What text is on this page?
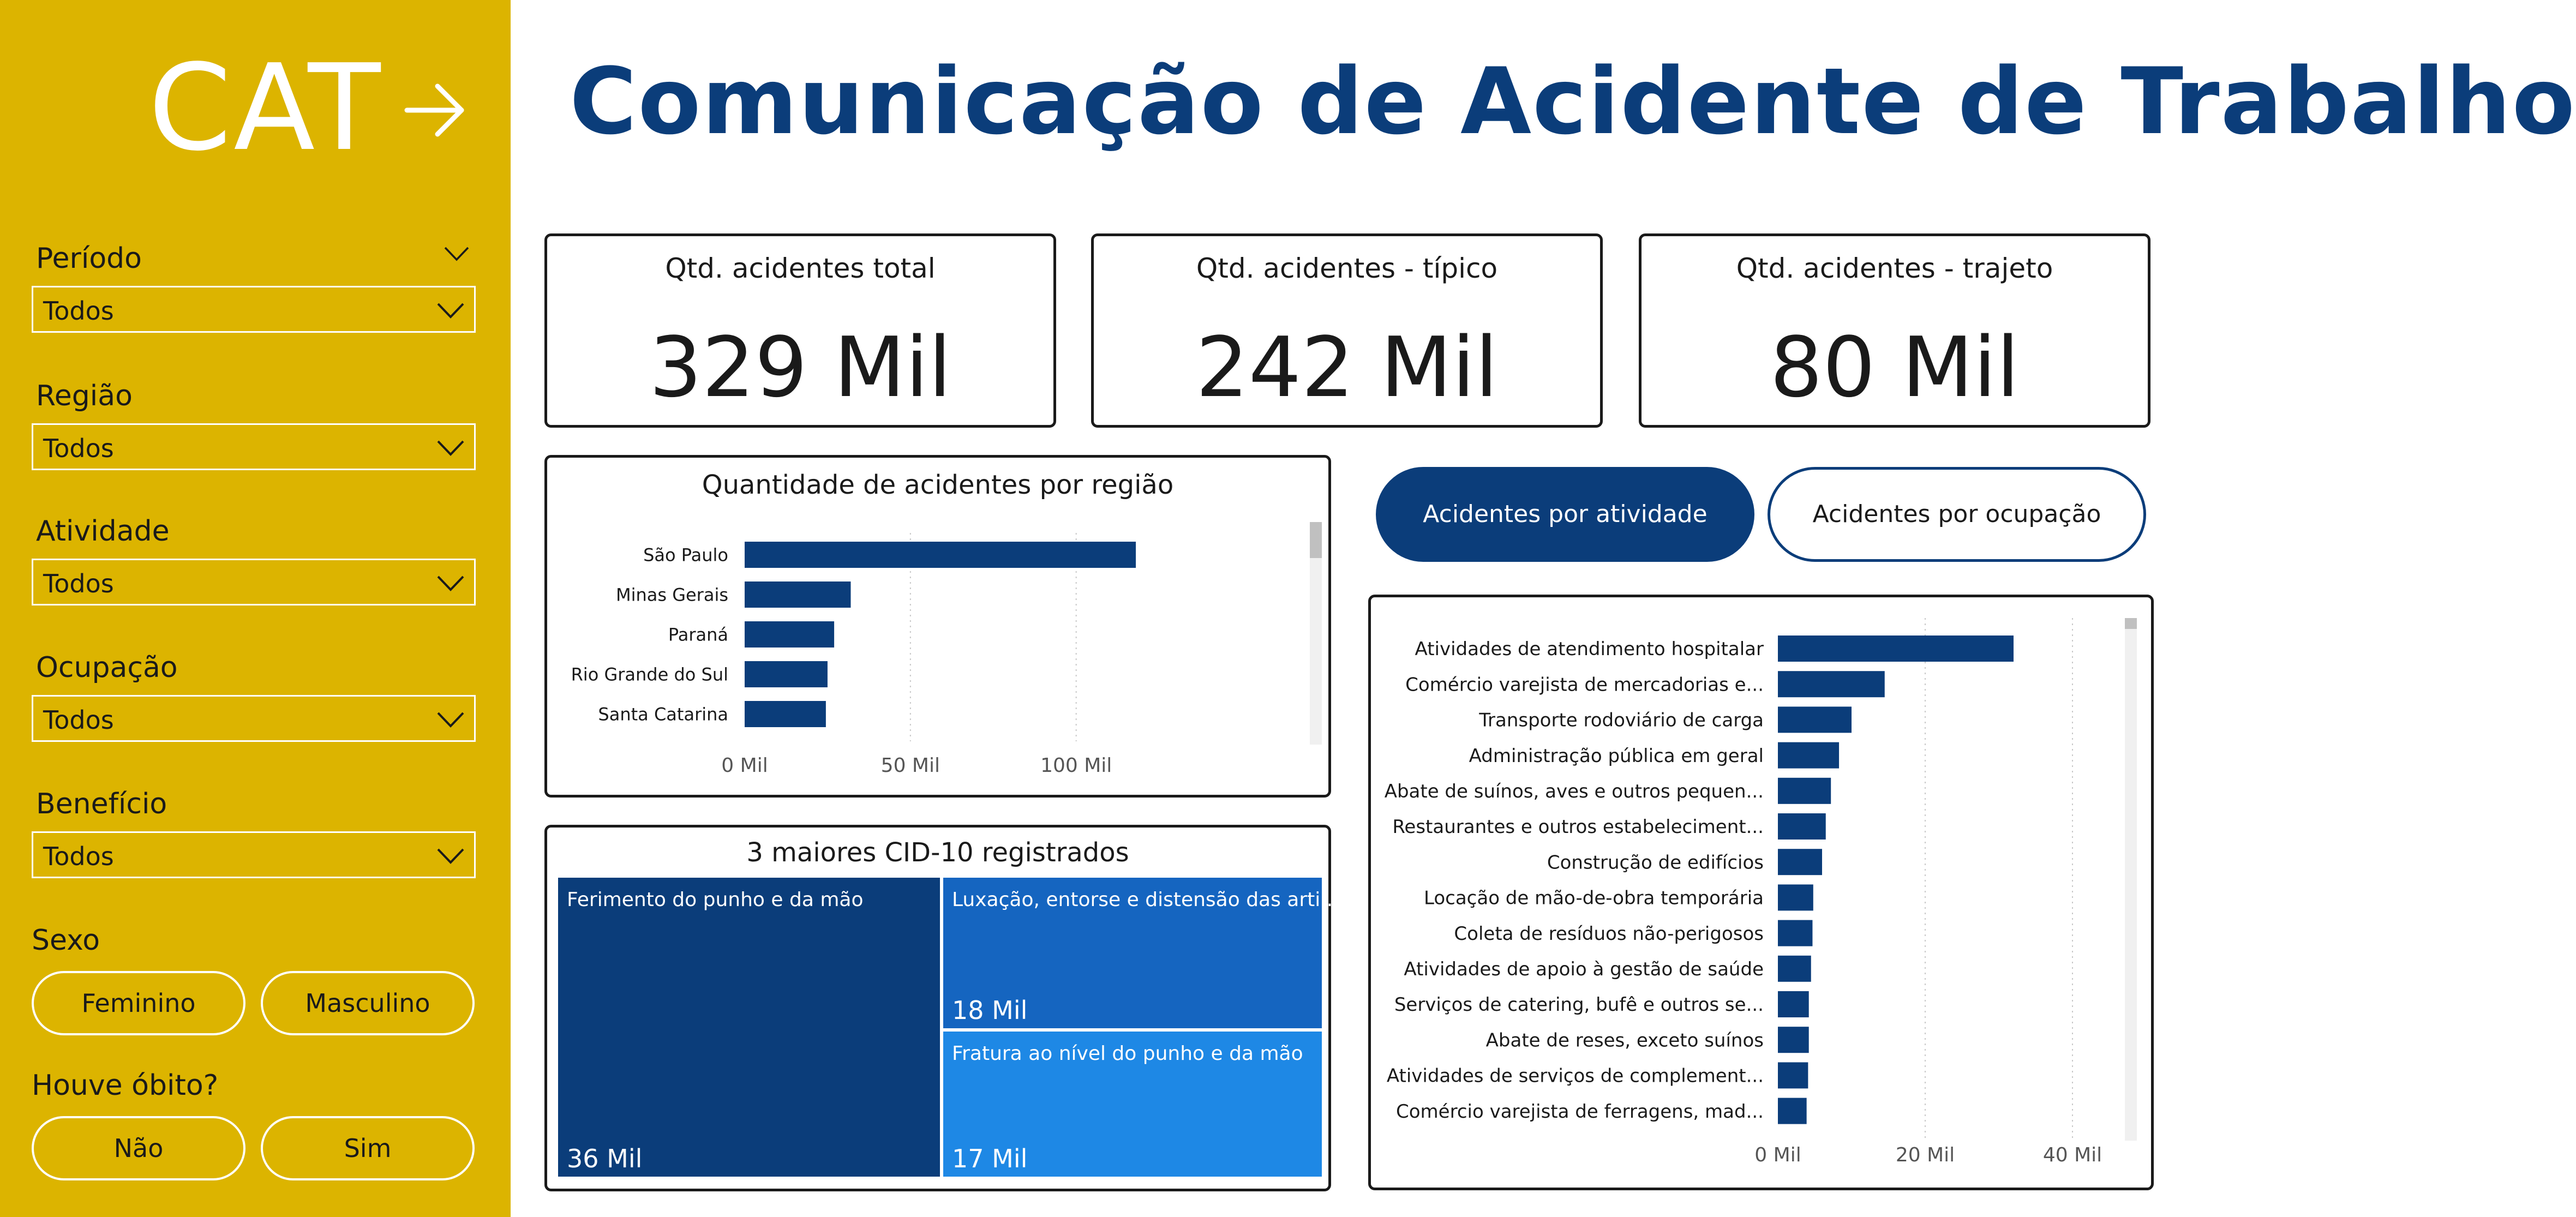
CAT
Período
Todos
Região
Todos
Atividade
Todos
Ocupação
Todos
Benefício
Todos
Sexo
Feminino	Masculino
Houve óbito?
Não	Sim
Comunicação de Acidente de Trabalho
Qtd. acidentes total
329 Mil
Qtd. acidentes - típico
242 Mil
Qtd. acidentes - trajeto
80 Mil
Quantidade de acidentes por região
0 Mil	50 Mil	100 Mil
São Paulo
Minas Gerais
Paraná
Rio Grande do Sul
Santa Catarina
Acidentes por atividade	Acidentes por ocupação
0 Mil	20 Mil	40 Mil
Atividades de atendimento hospitalar
Comércio varejista de mercadorias e...
Transporte rodoviário de carga
Administração pública em geral
Abate de suínos, aves e outros pequen...
Restaurantes e outros estabeleciment...
Construção de edifícios
Locação de mão-de-obra temporária
Coleta de resíduos não-perigosos
Atividades de apoio à gestão de saúde
Serviços de catering, bufê e outros se...
Abate de reses, exceto suínos
Atividades de serviços de complement...
Comércio varejista de ferragens, mad...
3 maiores CID-10 registrados
Ferimento do punho e da mão
36 Mil
Luxação, entorse e distensão das arti...
18 Mil
Fratura ao nível do punho e da mão
17 Mil
